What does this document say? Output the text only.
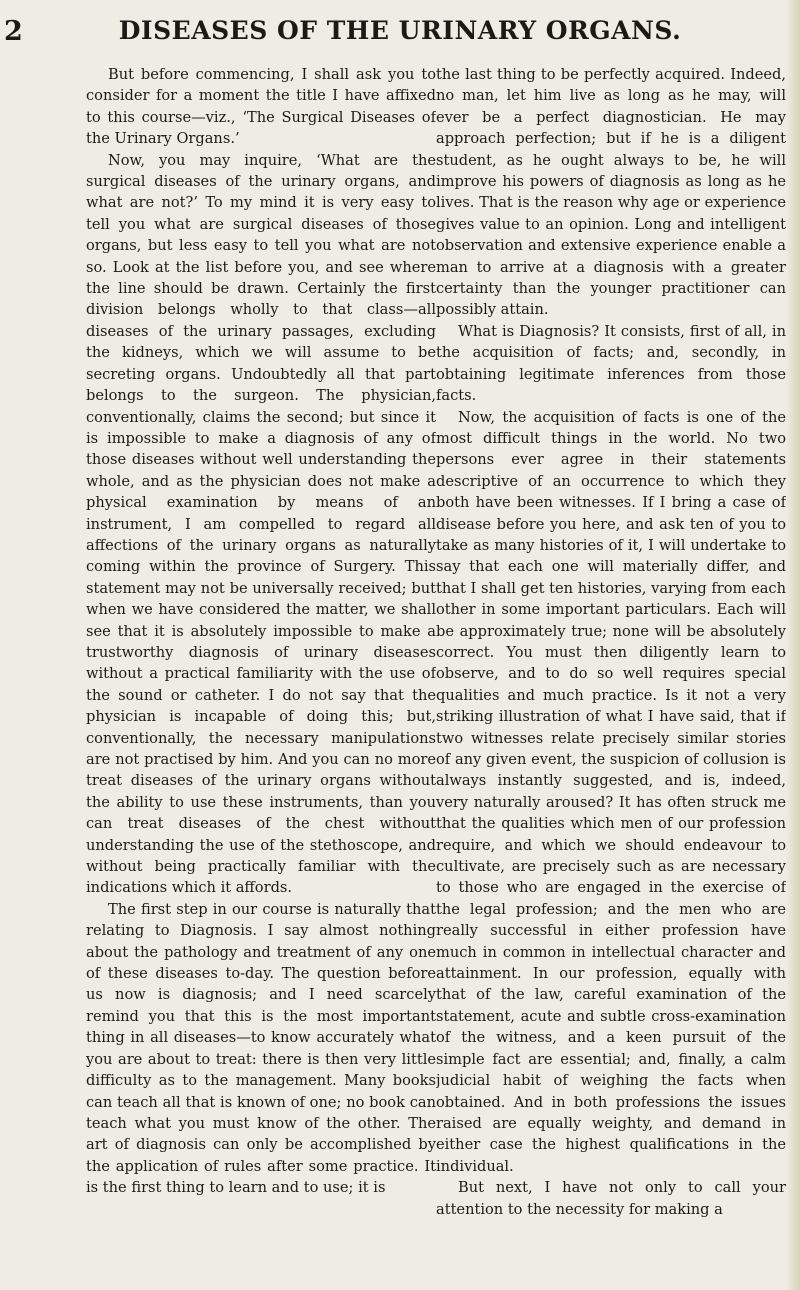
2	DISEASES OF THE URINARY ORGANS.

But before commencing, I shall ask you to consider for a moment the title I have affixed to this course—viz., ‘The Surgical Diseases of the Urinary Organs.’

Now, you may inquire, ‘What are the surgical diseases of the urinary organs, and what are not?’ To my mind it is very easy to tell you what are surgical diseases of those organs, but less easy to tell you what are not so. Look at the list before you, and see where the line should be drawn. Certainly the first division belongs wholly to that class—all diseases of the urinary passages, excluding the kidneys, which we will assume to be secreting organs. Undoubtedly all that part belongs to the surgeon. The physician, conventionally, claims the second; but since it is impossible to make a diagnosis of any of those diseases without well understanding the whole, and as the physician does not make a physical examination by means of an instrument, I am compelled to regard all affections of the urinary organs as naturally coming within the province of Surgery. This statement may not be universally received; but when we have considered the matter, we shall see that it is absolutely impossible to make a trustworthy diagnosis of urinary diseases without a practical familiarity with the use of the sound or catheter. I do not say that the physician is incapable of doing this; but, conventionally, the necessary manipulations are not practised by him. And you can no more treat diseases of the urinary organs without the ability to use these instruments, than you can treat diseases of the chest without understanding the use of the stethoscope, and without being practically familiar with the indications which it affords.

The first step in our course is naturally that relating to Diagnosis. I say almost nothing about the pathology and treatment of any one of these diseases to-day. The question before us now is diagnosis; and I need scarcely remind you that this is the most important thing in all diseases—to know accurately what you are about to treat: there is then very little difficulty as to the management. Many books can teach all that is known of one; no book can teach what you must know of the other. The art of diagnosis can only be accomplished by the application of rules after some practice. It is the first thing to learn and to use; it is

the last thing to be perfectly acquired. Indeed, no man, let him live as long as he may, will ever be a perfect diagnostician. He may approach perfection; but if he is a diligent student, as he ought always to be, he will improve his powers of diagnosis as long as he lives. That is the reason why age or experience gives value to an opinion. Long and intelligent observation and extensive experience enable a man to arrive at a diagnosis with a greater certainty than the younger practitioner can possibly attain.

What is Diagnosis? It consists, first of all, in the acquisition of facts; and, secondly, in obtaining legitimate inferences from those facts.

Now, the acquisition of facts is one of the most difficult things in the world. No two persons ever agree in their statements descriptive of an occurrence to which they both have been witnesses. If I bring a case of disease before you here, and ask ten of you to take as many histories of it, I will undertake to say that each one will materially differ, and that I shall get ten histories, varying from each other in some important particulars. Each will be approximately true; none will be absolutely correct. You must then diligently learn to observe, and to do so well requires special qualities and much practice. Is it not a very striking illustration of what I have said, that if two witnesses relate precisely similar stories of any given event, the suspicion of collusion is always instantly suggested, and is, indeed, very naturally aroused? It has often struck me that the qualities which men of our profession require, and which we should endeavour to cultivate, are precisely such as are necessary to those who are engaged in the exercise of the legal profession; and the men who are really successful in either profession have much in common in intellectual character and attainment. In our profession, equally with that of the law, careful examination of the statement, acute and subtle cross-examination of the witness, and a keen pursuit of the simple fact are essential; and, finally, a calm judicial habit of weighing the facts when obtained. And in both professions the issues raised are equally weighty, and demand in either case the highest qualifications in the individual.

But next, I have not only to call your attention to the necessity for making a
